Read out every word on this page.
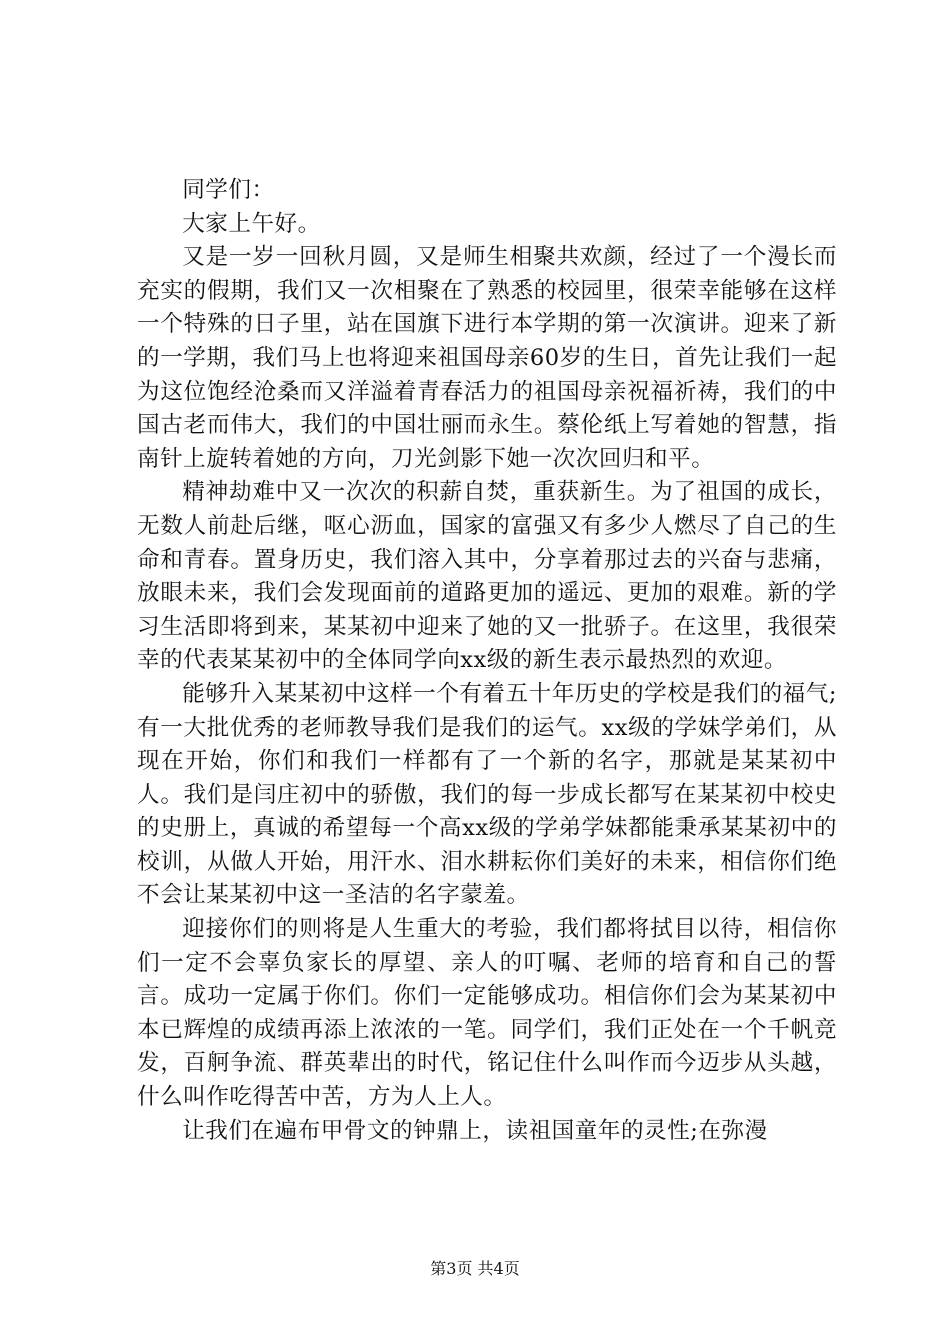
同学们：

大家上午好。

又是一岁一回秋月圆，又是师生相聚共欢颜，经过了一个漫长而充实的假期，我们又一次相聚在了熟悉的校园里，很荣幸能够在这样一个特殊的日子里，站在国旗下进行本学期的第一次演讲。迎来了新的一学期，我们马上也将迎来祖国母亲60岁的生日，首先让我们一起为这位饱经沧桑而又洋溢着青春活力的祖国母亲祝福祈祷，我们的中国古老而伟大，我们的中国壮丽而永生。蔡伦纸上写着她的智慧，指南针上旋转着她的方向，刀光剑影下她一次次回归和平。

精神劫难中又一次次的积薪自焚，重获新生。为了祖国的成长，无数人前赴后继，呕心沥血，国家的富强又有多少人燃尽了自己的生命和青春。置身历史，我们溶入其中，分享着那过去的兴奋与悲痛，放眼未来，我们会发现面前的道路更加的遥远、更加的艰难。新的学习生活即将到来，某某初中迎来了她的又一批骄子。在这里，我很荣幸的代表某某初中的全体同学向xx级的新生表示最热烈的欢迎。

能够升入某某初中这样一个有着五十年历史的学校是我们的福气;有一大批优秀的老师教导我们是我们的运气。xx级的学妹学弟们，从现在开始，你们和我们一样都有了一个新的名字，那就是某某初中人。我们是闫庄初中的骄傲，我们的每一步成长都写在某某初中校史的史册上，真诚的希望每一个高xx级的学弟学妹都能秉承某某初中的校训，从做人开始，用汗水、泪水耕耘你们美好的未来，相信你们绝不会让某某初中这一圣洁的名字蒙羞。

迎接你们的则将是人生重大的考验，我们都将拭目以待，相信你们一定不会辜负家长的厚望、亲人的叮嘱、老师的培育和自己的誓言。成功一定属于你们。你们一定能够成功。相信你们会为某某初中本已辉煌的成绩再添上浓浓的一笔。同学们，我们正处在一个千帆竞发，百舸争流、群英辈出的时代，铭记住什么叫作而今迈步从头越，什么叫作吃得苦中苦，方为人上人。

让我们在遍布甲骨文的钟鼎上，读祖国童年的灵性;在弥漫

第3页 共4页
